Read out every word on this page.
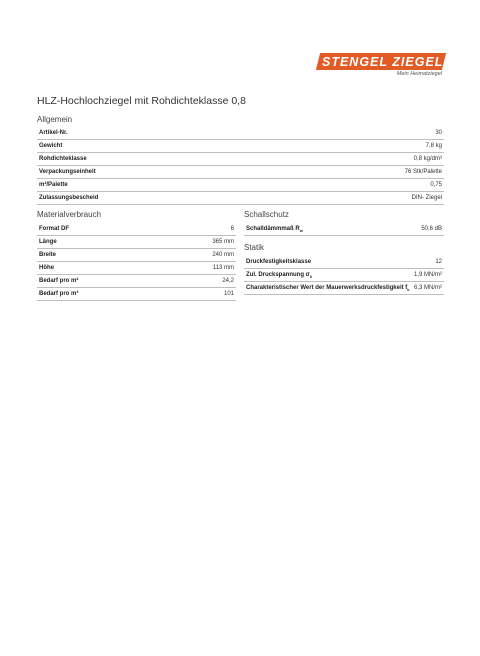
STENGEL ZIEGEL
Mein Heimatziegel
HLZ-Hochlochziegel mit Rohdichteklasse 0,8
Allgemein
Artikel-Nr.	30
Gewicht	7,8 kg
Rohdichteklasse	0,8 kg/dm³
Verpackungseinheit	76 Stk/Palette
m²/Palette	0,75
Zulassungsbescheid	DIN- Ziegel
Materialverbrauch
Format DF	6
Länge	365 mm
Breite	240 mm
Höhe	113 mm
Bedarf pro m²	24,2
Bedarf pro m³	101
Schallschutz
Schalldämmmaß $R_w$	50,6 dB
Statik
Druckfestigkeitsklasse	12
Zul. Druckspannung $\sigma_0$	1,9 MN/m²
Charakteristischer Wert der Mauerwerksdruckfestigkeit $f_k$	6,3 MN/m²
